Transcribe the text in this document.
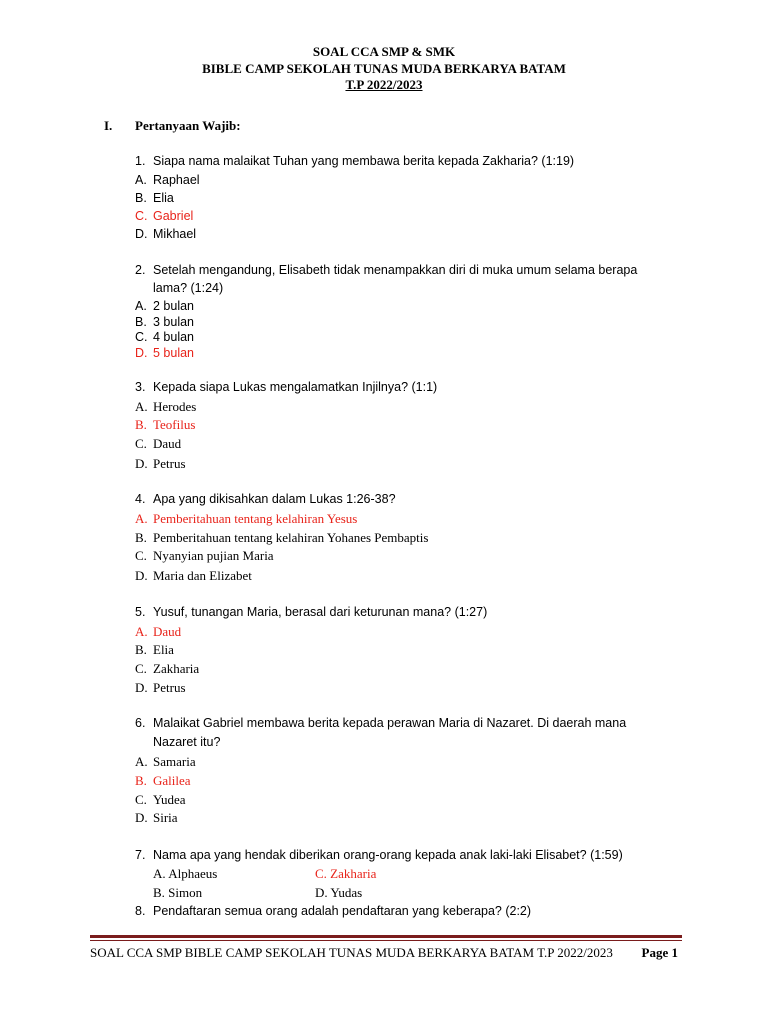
SOAL CCA SMP & SMK
BIBLE CAMP SEKOLAH TUNAS MUDA BERKARYA BATAM
T.P 2022/2023
I. Pertanyaan Wajib:
1. Siapa nama malaikat Tuhan yang membawa berita kepada Zakharia? (1:19)
A. Raphael
B. Elia
C. Gabriel
D. Mikhael
2. Setelah mengandung, Elisabeth tidak menampakkan diri di muka umum selama berapa
lama? (1:24)
A. 2 bulan
B. 3 bulan
C. 4 bulan
D. 5 bulan
3. Kepada siapa Lukas mengalamatkan Injilnya? (1:1)
A. Herodes
B. Teofilus
C. Daud
D. Petrus
4. Apa yang dikisahkan dalam Lukas 1:26-38?
A. Pemberitahuan tentang kelahiran Yesus
B. Pemberitahuan tentang kelahiran Yohanes Pembaptis
C. Nyanyian pujian Maria
D. Maria dan Elizabet
5. Yusuf, tunangan Maria, berasal dari keturunan mana? (1:27)
A. Daud
B. Elia
C. Zakharia
D. Petrus
6. Malaikat Gabriel membawa berita kepada perawan Maria di Nazaret. Di daerah mana
Nazaret itu?
A. Samaria
B. Galilea
C. Yudea
D. Siria
7. Nama apa yang hendak diberikan orang-orang kepada anak laki-laki Elisabet? (1:59)
A. Alphaeus	C. Zakharia
B. Simon	D. Yudas
8. Pendaftaran semua orang adalah pendaftaran yang keberapa? (2:2)
SOAL CCA SMP BIBLE CAMP SEKOLAH TUNAS MUDA BERKARYA BATAM T.P 2022/2023 Page 1
